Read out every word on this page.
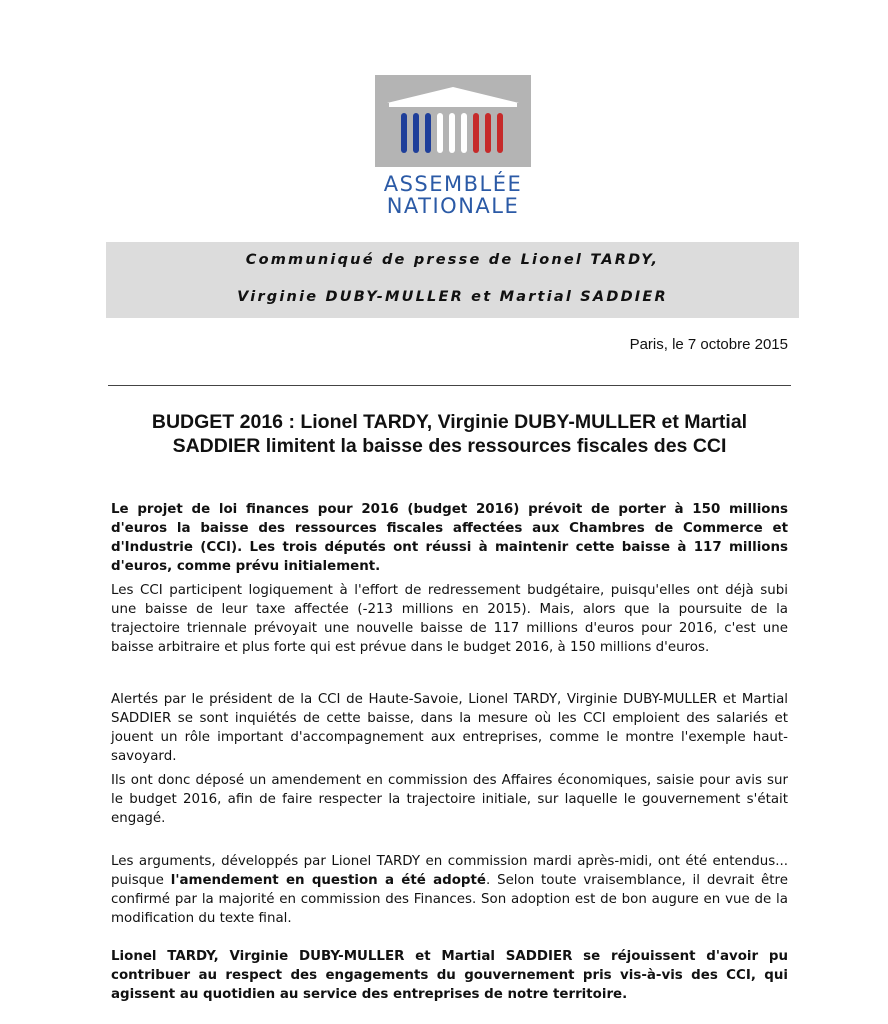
ASSEMBLÉE
NATIONALE
Communiqué de presse de Lionel TARDY,
Virginie DUBY-MULLER et Martial SADDIER
Paris, le 7 octobre 2015
BUDGET 2016 : Lionel TARDY, Virginie DUBY-MULLER et Martial
SADDIER limitent la baisse des ressources fiscales des CCI
Le projet de loi finances pour 2016 (budget 2016) prévoit de porter à 150 millions d'euros la baisse des ressources fiscales affectées aux Chambres de Commerce et d'Industrie (CCI). Les trois députés ont réussi à maintenir cette baisse à 117 millions d'euros, comme prévu initialement.
Les CCI participent logiquement à l'effort de redressement budgétaire, puisqu'elles ont déjà subi une baisse de leur taxe affectée (-213 millions en 2015). Mais, alors que la poursuite de la trajectoire triennale prévoyait une nouvelle baisse de 117 millions d'euros pour 2016, c'est une baisse arbitraire et plus forte qui est prévue dans le budget 2016, à 150 millions d'euros.
Alertés par le président de la CCI de Haute-Savoie, Lionel TARDY, Virginie DUBY-MULLER et Martial SADDIER se sont inquiétés de cette baisse, dans la mesure où les CCI emploient des salariés et jouent un rôle important d'accompagnement aux entreprises, comme le montre l'exemple haut-savoyard.
Ils ont donc déposé un amendement en commission des Affaires économiques, saisie pour avis sur le budget 2016, afin de faire respecter la trajectoire initiale, sur laquelle le gouvernement s'était engagé.
Les arguments, développés par Lionel TARDY en commission mardi après-midi, ont été entendus... puisque l'amendement en question a été adopté. Selon toute vraisemblance, il devrait être confirmé par la majorité en commission des Finances. Son adoption est de bon augure en vue de la modification du texte final.
Lionel TARDY, Virginie DUBY-MULLER et Martial SADDIER se réjouissent d'avoir pu contribuer au respect des engagements du gouvernement pris vis-à-vis des CCI, qui agissent au quotidien au service des entreprises de notre territoire.
